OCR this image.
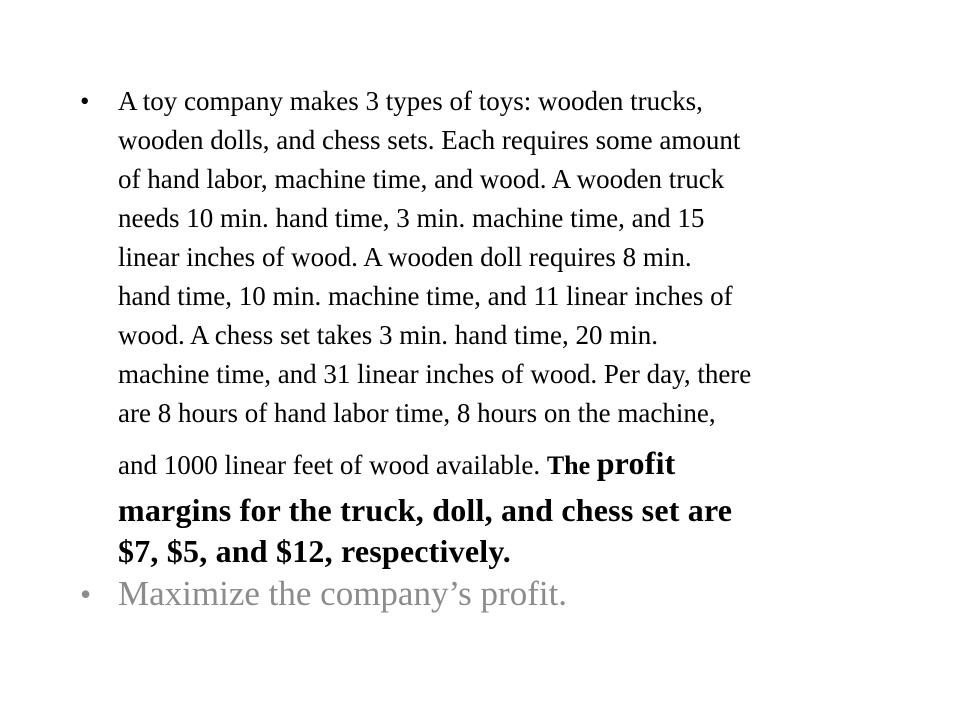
• A toy company makes 3 types of toys: wooden trucks,
wooden dolls, and chess sets. Each requires some amount
of hand labor, machine time, and wood. A wooden truck
needs 10 min. hand time, 3 min. machine time, and 15
linear inches of wood. A wooden doll requires 8 min.
hand time, 10 min. machine time, and 11 linear inches of
wood. A chess set takes 3 min. hand time, 20 min.
machine time, and 31 linear inches of wood. Per day, there
are 8 hours of hand labor time, 8 hours on the machine,
and 1000 linear feet of wood available. The profit
margins for the truck, doll, and chess set are
$7, $5, and $12, respectively.
• Maximize the company’s profit.
